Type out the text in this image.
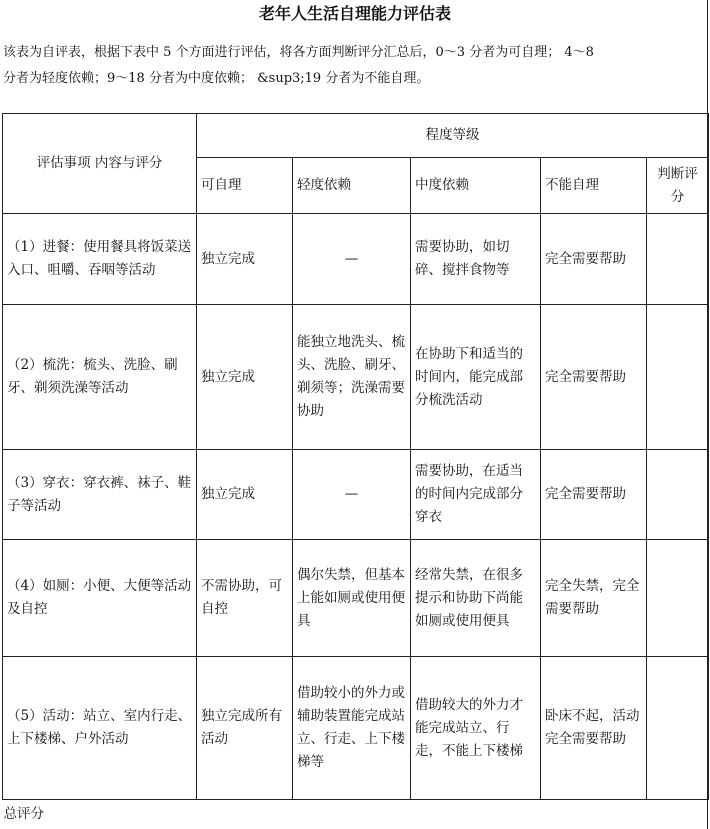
老年人生活自理能力评估表
该表为自评表，根据下表中 5 个方面进行评估，将各方面判断评分汇总后，0～3 分者为可自理； 4～8
分者为轻度依赖；9～18 分者为中度依赖； &sup3;19 分者为不能自理。
评估事项 内容与评分	程度等级				
	可自理	轻度依赖	中度依赖	不能自理	判断评分
（1）进餐：使用餐具将饭菜送入口、咀嚼、吞咽等活动	独立完成	—	需要协助，如切碎、搅拌食物等	完全需要帮助	
（2）梳洗：梳头、洗脸、刷牙、剃须洗澡等活动	独立完成	能独立地洗头、梳头、洗脸、刷牙、剃须等；洗澡需要协助	在协助下和适当的时间内，能完成部分梳洗活动	完全需要帮助	
（3）穿衣：穿衣裤、袜子、鞋子等活动	独立完成	—	需要协助，在适当的时间内完成部分穿衣	完全需要帮助	
（4）如厕：小便、大便等活动及自控	不需协助，可自控	偶尔失禁，但基本上能如厕或使用便具	经常失禁，在很多提示和协助下尚能如厕或使用便具	完全失禁，完全需要帮助	
（5）活动：站立、室内行走、上下楼梯、户外活动	独立完成所有活动	借助较小的外力或辅助装置能完成站立、行走、上下楼梯等	借助较大的外力才能完成站立、行走，不能上下楼梯	卧床不起，活动完全需要帮助	
总评分					
